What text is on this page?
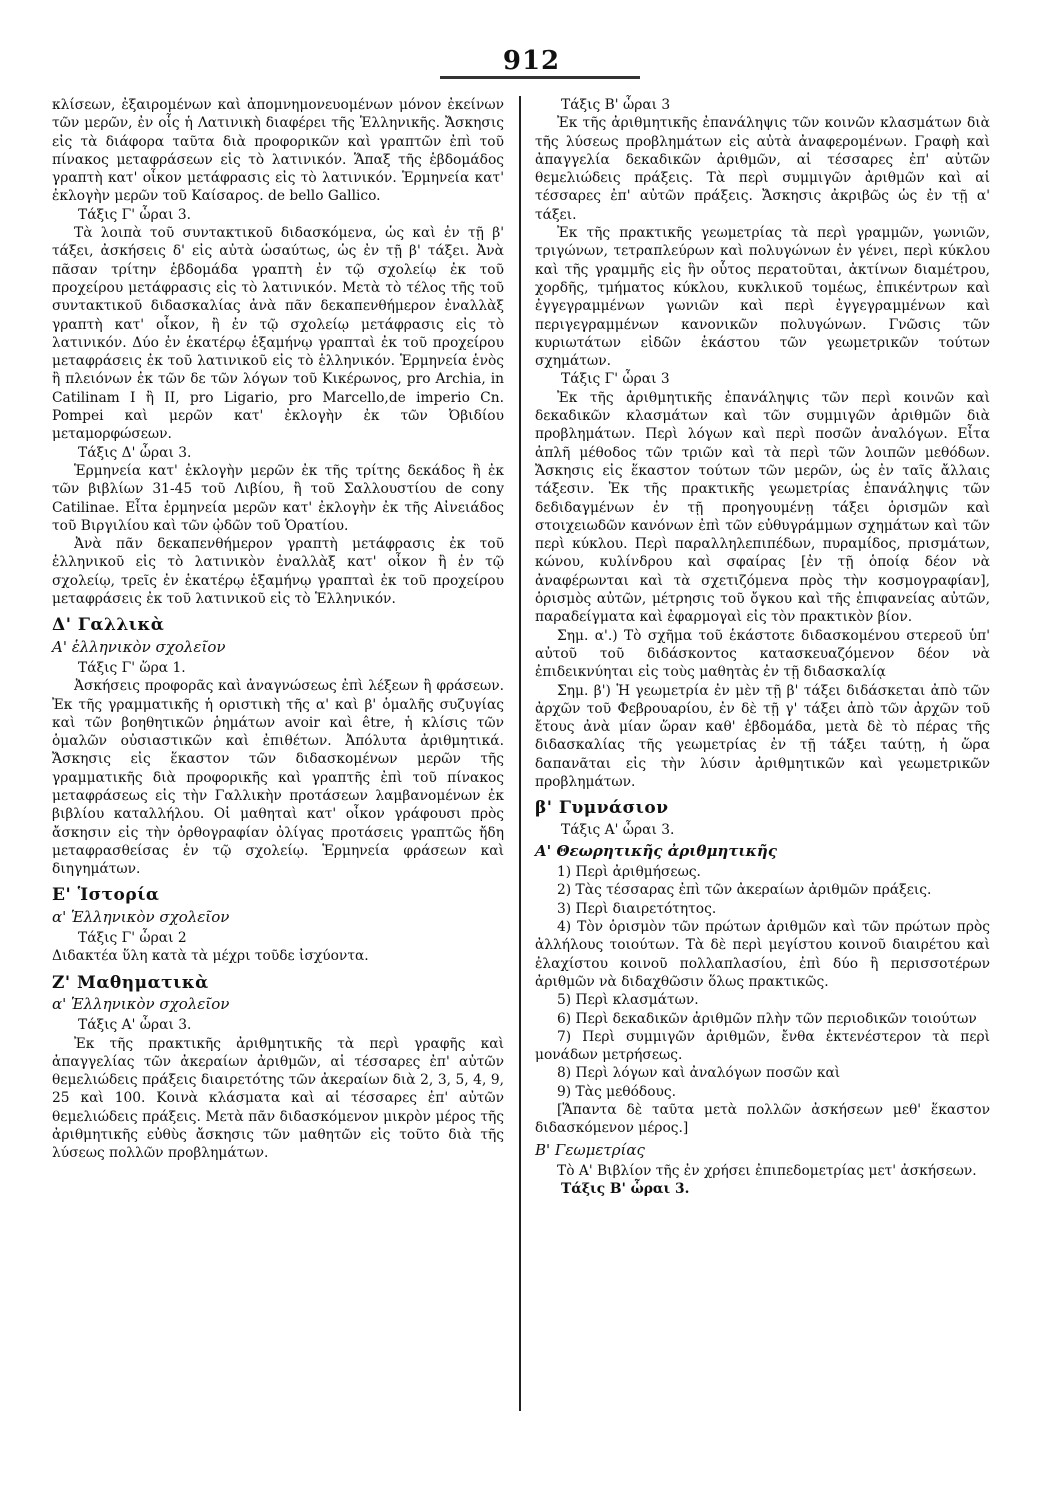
912

κλίσεων, ἐξαιρομένων καὶ ἀπομνημονευομένων μόνον ἐκείνων τῶν μερῶν, ἐν οἷς ἡ Λατινικὴ διαφέρει τῆς Ἑλληνικῆς. Ἄσκησις εἰς τὰ διάφορα ταῦτα διὰ προφορικῶν καὶ γραπτῶν ἐπὶ τοῦ πίνακος μεταφράσεων εἰς τὸ λατινικόν. Ἅπαξ τῆς ἑβδομάδος γραπτὴ κατ' οἶκον μετάφρασις εἰς τὸ λατινικόν. Ἑρμηνεία κατ' ἐκλογὴν μερῶν τοῦ Καίσαρος. de bello Gallico.

Τάξις Γ' ὧραι 3.

Τὰ λοιπὰ τοῦ συντακτικοῦ διδασκόμενα, ὡς καὶ ἐν τῇ β' τάξει, ἀσκήσεις δ' εἰς αὐτὰ ὡσαύτως, ὡς ἐν τῇ β' τάξει. Ἀνὰ πᾶσαν τρίτην ἑβδομάδα γραπτὴ ἐν τῷ σχολείῳ ἐκ τοῦ προχείρου μετάφρασις εἰς τὸ λατινικόν. Μετὰ τὸ τέλος τῆς τοῦ συντακτικοῦ διδασκαλίας ἀνὰ πᾶν δεκαπενθήμερον ἐναλλὰξ γραπτὴ κατ' οἶκον, ἢ ἐν τῷ σχολείῳ μετάφρασις εἰς τὸ λατινικόν. Δύο ἐν ἑκατέρῳ ἑξαμήνῳ γραπταὶ ἐκ τοῦ προχείρου μεταφράσεις ἐκ τοῦ λατινικοῦ εἰς τὸ ἑλληνικόν. Ἑρμηνεία ἑνὸς ἢ πλειόνων ἐκ τῶν δε τῶν λόγων τοῦ Κικέρωνος, pro Archia, in Catilinam I ἢ II, pro Ligario, pro Marcello,de imperio Cn. Pompei καὶ μερῶν κατ' ἐκλογὴν ἐκ τῶν Ὀβιδίου μεταμορφώσεων.

Τάξις Δ' ὧραι 3.

Ἑρμηνεία κατ' ἐκλογὴν μερῶν ἐκ τῆς τρίτης δεκάδος ἢ ἐκ τῶν βιβλίων 31-45 τοῦ Λιβίου, ἢ τοῦ Σαλλουστίου de cony Catilinae. Εἶτα ἑρμηνεία μερῶν κατ' ἐκλογὴν ἐκ τῆς Αἰνειάδος τοῦ Βιργιλίου καὶ τῶν ᾠδῶν τοῦ Ὁρατίου.

Ἀνὰ πᾶν δεκαπενθήμερον γραπτὴ μετάφρασις ἐκ τοῦ ἑλληνικοῦ εἰς τὸ λατινικὸν ἐναλλὰξ κατ' οἶκον ἢ ἐν τῷ σχολείῳ, τρεῖς ἐν ἑκατέρῳ ἑξαμήνῳ γραπταὶ ἐκ τοῦ προχείρου μεταφράσεις ἐκ τοῦ λατινικοῦ εἰς τὸ Ἑλληνικόν.

Δ' Γαλλικὰ

Α' ἑλληνικὸν σχολεῖον

Τάξις Γ' ὥρα 1.

Ἀσκήσεις προφορᾶς καὶ ἀναγνώσεως ἐπὶ λέξεων ἢ φράσεων. Ἐκ τῆς γραμματικῆς ἡ οριστικὴ τῆς α' καὶ β' ὁμαλῆς συζυγίας καὶ τῶν βοηθητικῶν ῥημάτων avoir καὶ être, ἡ κλίσις τῶν ὁμαλῶν οὐσιαστικῶν καὶ ἐπιθέτων. Ἀπόλυτα ἀριθμητικά. Ἄσκησις εἰς ἕκαστον τῶν διδασκομένων μερῶν τῆς γραμματικῆς διὰ προφορικῆς καὶ γραπτῆς ἐπὶ τοῦ πίνακος μεταφράσεως εἰς τὴν Γαλλικὴν προτάσεων λαμβανομένων ἐκ βιβλίου καταλλήλου. Οἱ μαθηταὶ κατ' οἶκον γράφουσι πρὸς ἄσκησιν εἰς τὴν ὀρθογραφίαν ὀλίγας προτάσεις γραπτῶς ἤδη μεταφρασθείσας ἐν τῷ σχολείῳ. Ἑρμηνεία φράσεων καὶ διηγημάτων.

Ε' Ἱστορία

α' Ἑλληνικὸν σχολεῖον

Τάξις Γ' ὧραι 2

Διδακτέα ὕλη κατὰ τὰ μέχρι τοῦδε ἰσχύοντα.

Ζ' Μαθηματικὰ

α' Ἑλληνικὸν σχολεῖον

Τάξις Α' ὧραι 3.

Ἐκ τῆς πρακτικῆς ἀριθμητικῆς τὰ περὶ γραφῆς καὶ ἀπαγγελίας τῶν ἀκεραίων ἀριθμῶν, αἱ τέσσαρες ἐπ' αὐτῶν θεμελιώδεις πράξεις διαιρετότης τῶν ἀκεραίων διὰ 2, 3, 5, 4, 9, 25 καὶ 100. Κοινὰ κλάσματα καὶ αἱ τέσσαρες ἐπ' αὐτῶν θεμελιώδεις πράξεις. Μετὰ πᾶν διδασκόμενον μικρὸν μέρος τῆς ἀριθμητικῆς εὐθὺς ἄσκησις τῶν μαθητῶν εἰς τοῦτο διὰ τῆς λύσεως πολλῶν προβλημάτων.

Τάξις Β' ὧραι 3

Ἐκ τῆς ἀριθμητικῆς ἐπανάληψις τῶν κοινῶν κλασμάτων διὰ τῆς λύσεως προβλημάτων εἰς αὐτὰ ἀναφερομένων. Γραφὴ καὶ ἀπαγγελία δεκαδικῶν ἀριθμῶν, αἱ τέσσαρες ἐπ' αὐτῶν θεμελιώδεις πράξεις. Τὰ περὶ συμμιγῶν ἀριθμῶν καὶ αἱ τέσσαρες ἐπ' αὐτῶν πράξεις. Ἄσκησις ἀκριβῶς ὡς ἐν τῇ α' τάξει.

Ἐκ τῆς πρακτικῆς γεωμετρίας τὰ περὶ γραμμῶν, γωνιῶν, τριγώνων, τετραπλεύρων καὶ πολυγώνων ἐν γένει, περὶ κύκλου καὶ τῆς γραμμῆς εἰς ἣν οὗτος περατοῦται, ἀκτίνων διαμέτρου, χορδῆς, τμήματος κύκλου, κυκλικοῦ τομέως, ἐπικέντρων καὶ ἐγγεγραμμένων γωνιῶν καὶ περὶ ἐγγεγραμμένων καὶ περιγεγραμμένων κανονικῶν πολυγώνων. Γνῶσις τῶν κυριωτάτων εἰδῶν ἑκάστου τῶν γεωμετρικῶν τούτων σχημάτων.

Τάξις Γ' ὧραι 3

Ἐκ τῆς ἀριθμητικῆς ἐπανάληψις τῶν περὶ κοινῶν καὶ δεκαδικῶν κλασμάτων καὶ τῶν συμμιγῶν ἀριθμῶν διὰ προβλημάτων. Περὶ λόγων καὶ περὶ ποσῶν ἀναλόγων. Εἶτα ἁπλῆ μέθοδος τῶν τριῶν καὶ τὰ περὶ τῶν λοιπῶν μεθόδων. Ἄσκησις εἰς ἕκαστον τούτων τῶν μερῶν, ὡς ἐν ταῖς ἄλλαις τάξεσιν. Ἐκ τῆς πρακτικῆς γεωμετρίας ἐπανάληψις τῶν δεδιδαγμένων ἐν τῇ προηγουμένῃ τάξει ὁρισμῶν καὶ στοιχειωδῶν κανόνων ἐπὶ τῶν εὐθυγράμμων σχημάτων καὶ τῶν περὶ κύκλου. Περὶ παραλληλεπιπέδων, πυραμίδος, πρισμάτων, κώνου, κυλίνδρου καὶ σφαίρας [ἐν τῇ ὁποίᾳ δέον νὰ ἀναφέρωνται καὶ τὰ σχετιζόμενα πρὸς τὴν κοσμογραφίαν], ὁρισμὸς αὐτῶν, μέτρησις τοῦ ὄγκου καὶ τῆς ἐπιφανείας αὐτῶν, παραδείγματα καὶ ἐφαρμογαὶ εἰς τὸν πρακτικὸν βίον.

Σημ. α'.) Τὸ σχῆμα τοῦ ἑκάστοτε διδασκομένου στερεοῦ ὑπ' αὐτοῦ τοῦ διδάσκοντος κατασκευαζόμενον δέον νὰ ἐπιδεικνύηται εἰς τοὺς μαθητὰς ἐν τῇ διδασκαλίᾳ

Σημ. β') Ἡ γεωμετρία ἐν μὲν τῇ β' τάξει διδάσκεται ἀπὸ τῶν ἀρχῶν τοῦ Φεβρουαρίου, ἐν δὲ τῇ γ' τάξει ἀπὸ τῶν ἀρχῶν τοῦ ἔτους ἀνὰ μίαν ὥραν καθ' ἑβδομάδα, μετὰ δὲ τὸ πέρας τῆς διδασκαλίας τῆς γεωμετρίας ἐν τῇ τάξει ταύτῃ, ἡ ὥρα δαπανᾶται εἰς τὴν λύσιν ἀριθμητικῶν καὶ γεωμετρικῶν προβλημάτων.

β' Γυμνάσιον

Τάξις Α' ὧραι 3.

Α' Θεωρητικῆς ἀριθμητικῆς

1) Περὶ ἀριθμήσεως.

2) Τὰς τέσσαρας ἐπὶ τῶν ἀκεραίων ἀριθμῶν πράξεις.

3) Περὶ διαιρετότητος.

4) Τὸν ὁρισμὸν τῶν πρώτων ἀριθμῶν καὶ τῶν πρώτων πρὸς ἀλλήλους τοιούτων. Τὰ δὲ περὶ μεγίστου κοινοῦ διαιρέτου καὶ ἐλαχίστου κοινοῦ πολλαπλασίου, ἐπὶ δύο ἢ περισσοτέρων ἀριθμῶν νὰ διδαχθῶσιν ὅλως πρακτικῶς.

5) Περὶ κλασμάτων.

6) Περὶ δεκαδικῶν ἀριθμῶν πλὴν τῶν περιοδικῶν τοιούτων

7) Περὶ συμμιγῶν ἀριθμῶν, ἔνθα ἐκτενέστερον τὰ περὶ μονάδων μετρήσεως.

8) Περὶ λόγων καὶ ἀναλόγων ποσῶν καὶ

9) Τὰς μεθόδους.

[Ἅπαντα δὲ ταῦτα μετὰ πολλῶν ἀσκήσεων μεθ' ἕκαστον διδασκόμενον μέρος.]

Β' Γεωμετρίας

Τὸ Α' Βιβλίον τῆς ἐν χρήσει ἐπιπεδομετρίας μετ' ἀσκήσεων.

Τάξις Β' ὧραι 3.
